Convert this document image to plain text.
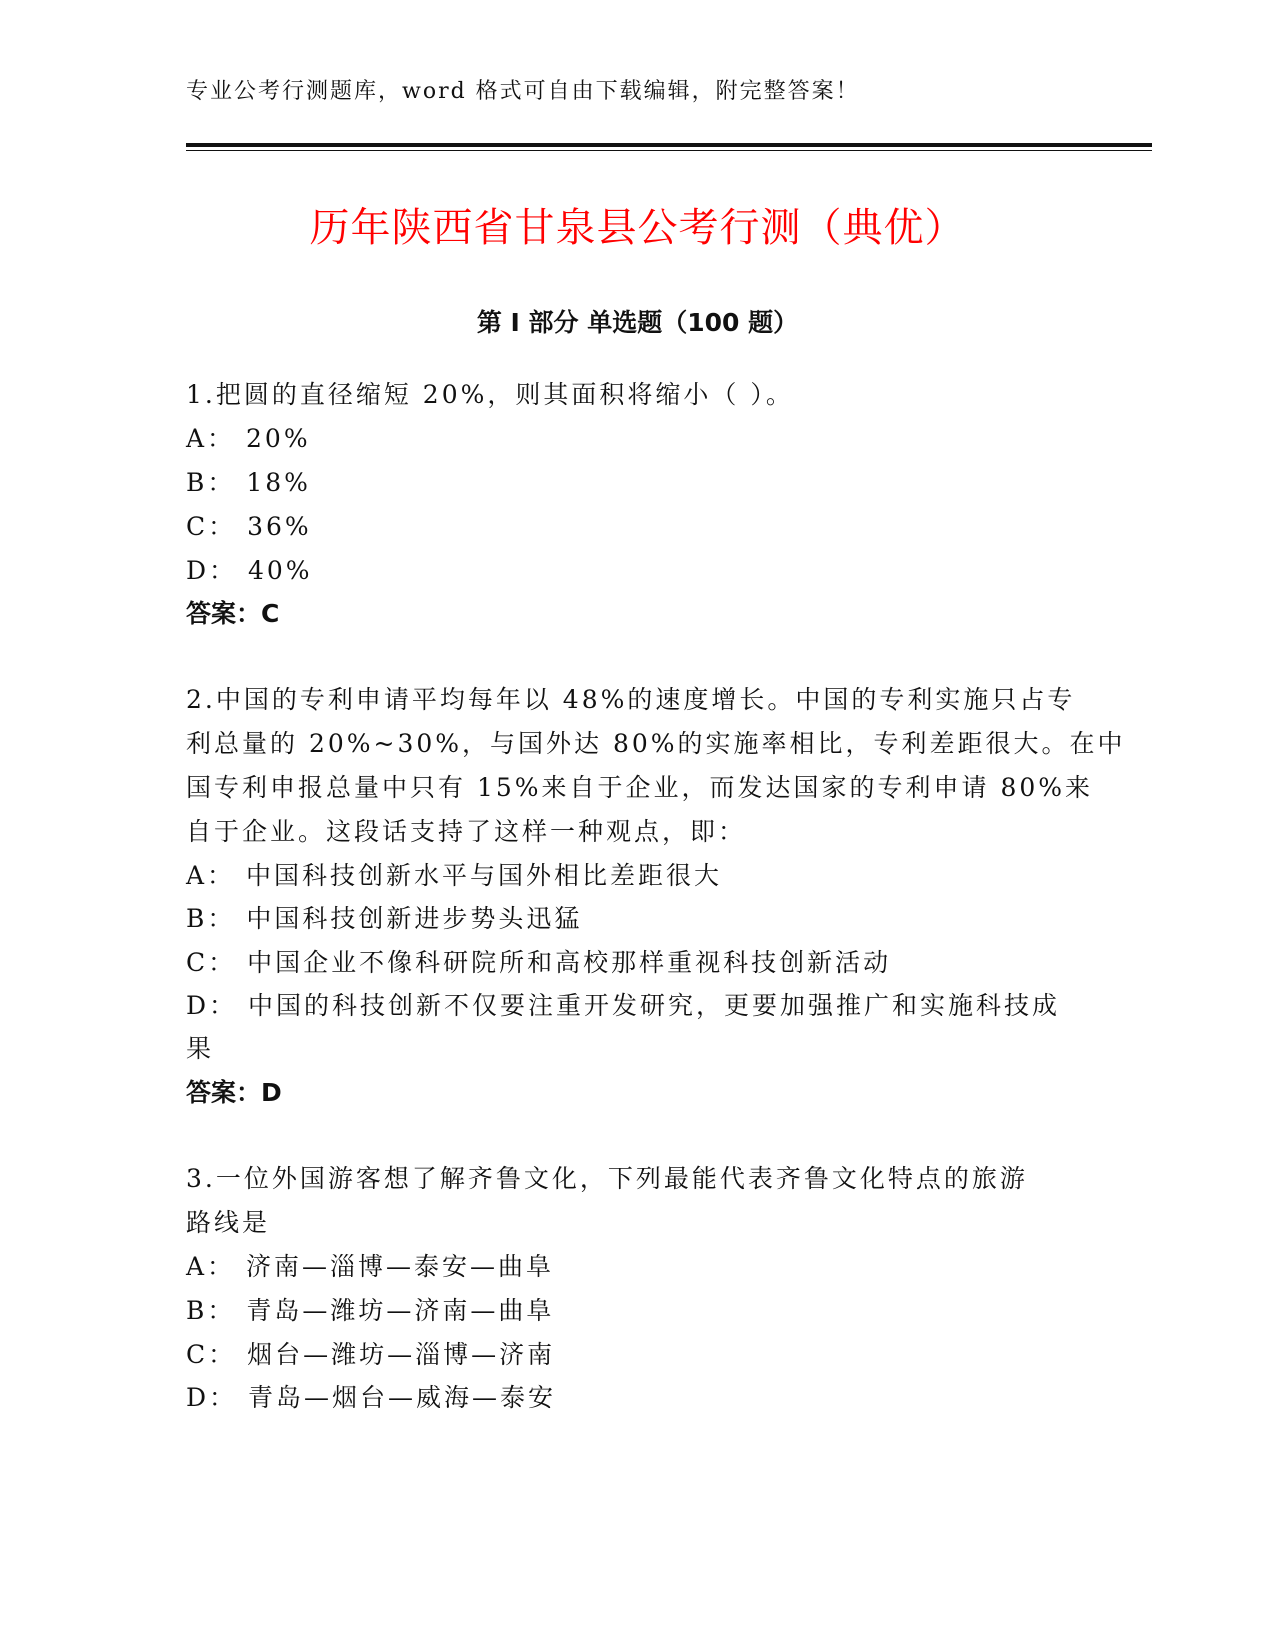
专业公考行测题库，word 格式可自由下载编辑，附完整答案！
历年陕西省甘泉县公考行测（典优）
第 I 部分 单选题（100 题）
1.把圆的直径缩短 20%，则其面积将缩小（ ）。
A： 20%
B： 18%
C： 36%
D： 40%
答案：C
2.中国的专利申请平均每年以 48%的速度增长。中国的专利实施只占专
利总量的 20%~30%，与国外达 80%的实施率相比，专利差距很大。在中
国专利申报总量中只有 15%来自于企业，而发达国家的专利申请 80%来
自于企业。这段话支持了这样一种观点，即：
A： 中国科技创新水平与国外相比差距很大
B： 中国科技创新进步势头迅猛
C： 中国企业不像科研院所和高校那样重视科技创新活动
D： 中国的科技创新不仅要注重开发研究，更要加强推广和实施科技成
果
答案：D
3.一位外国游客想了解齐鲁文化，下列最能代表齐鲁文化特点的旅游
路线是
A： 济南—淄博—泰安—曲阜
B： 青岛—潍坊—济南—曲阜
C： 烟台—潍坊—淄博—济南
D： 青岛—烟台—威海—泰安
